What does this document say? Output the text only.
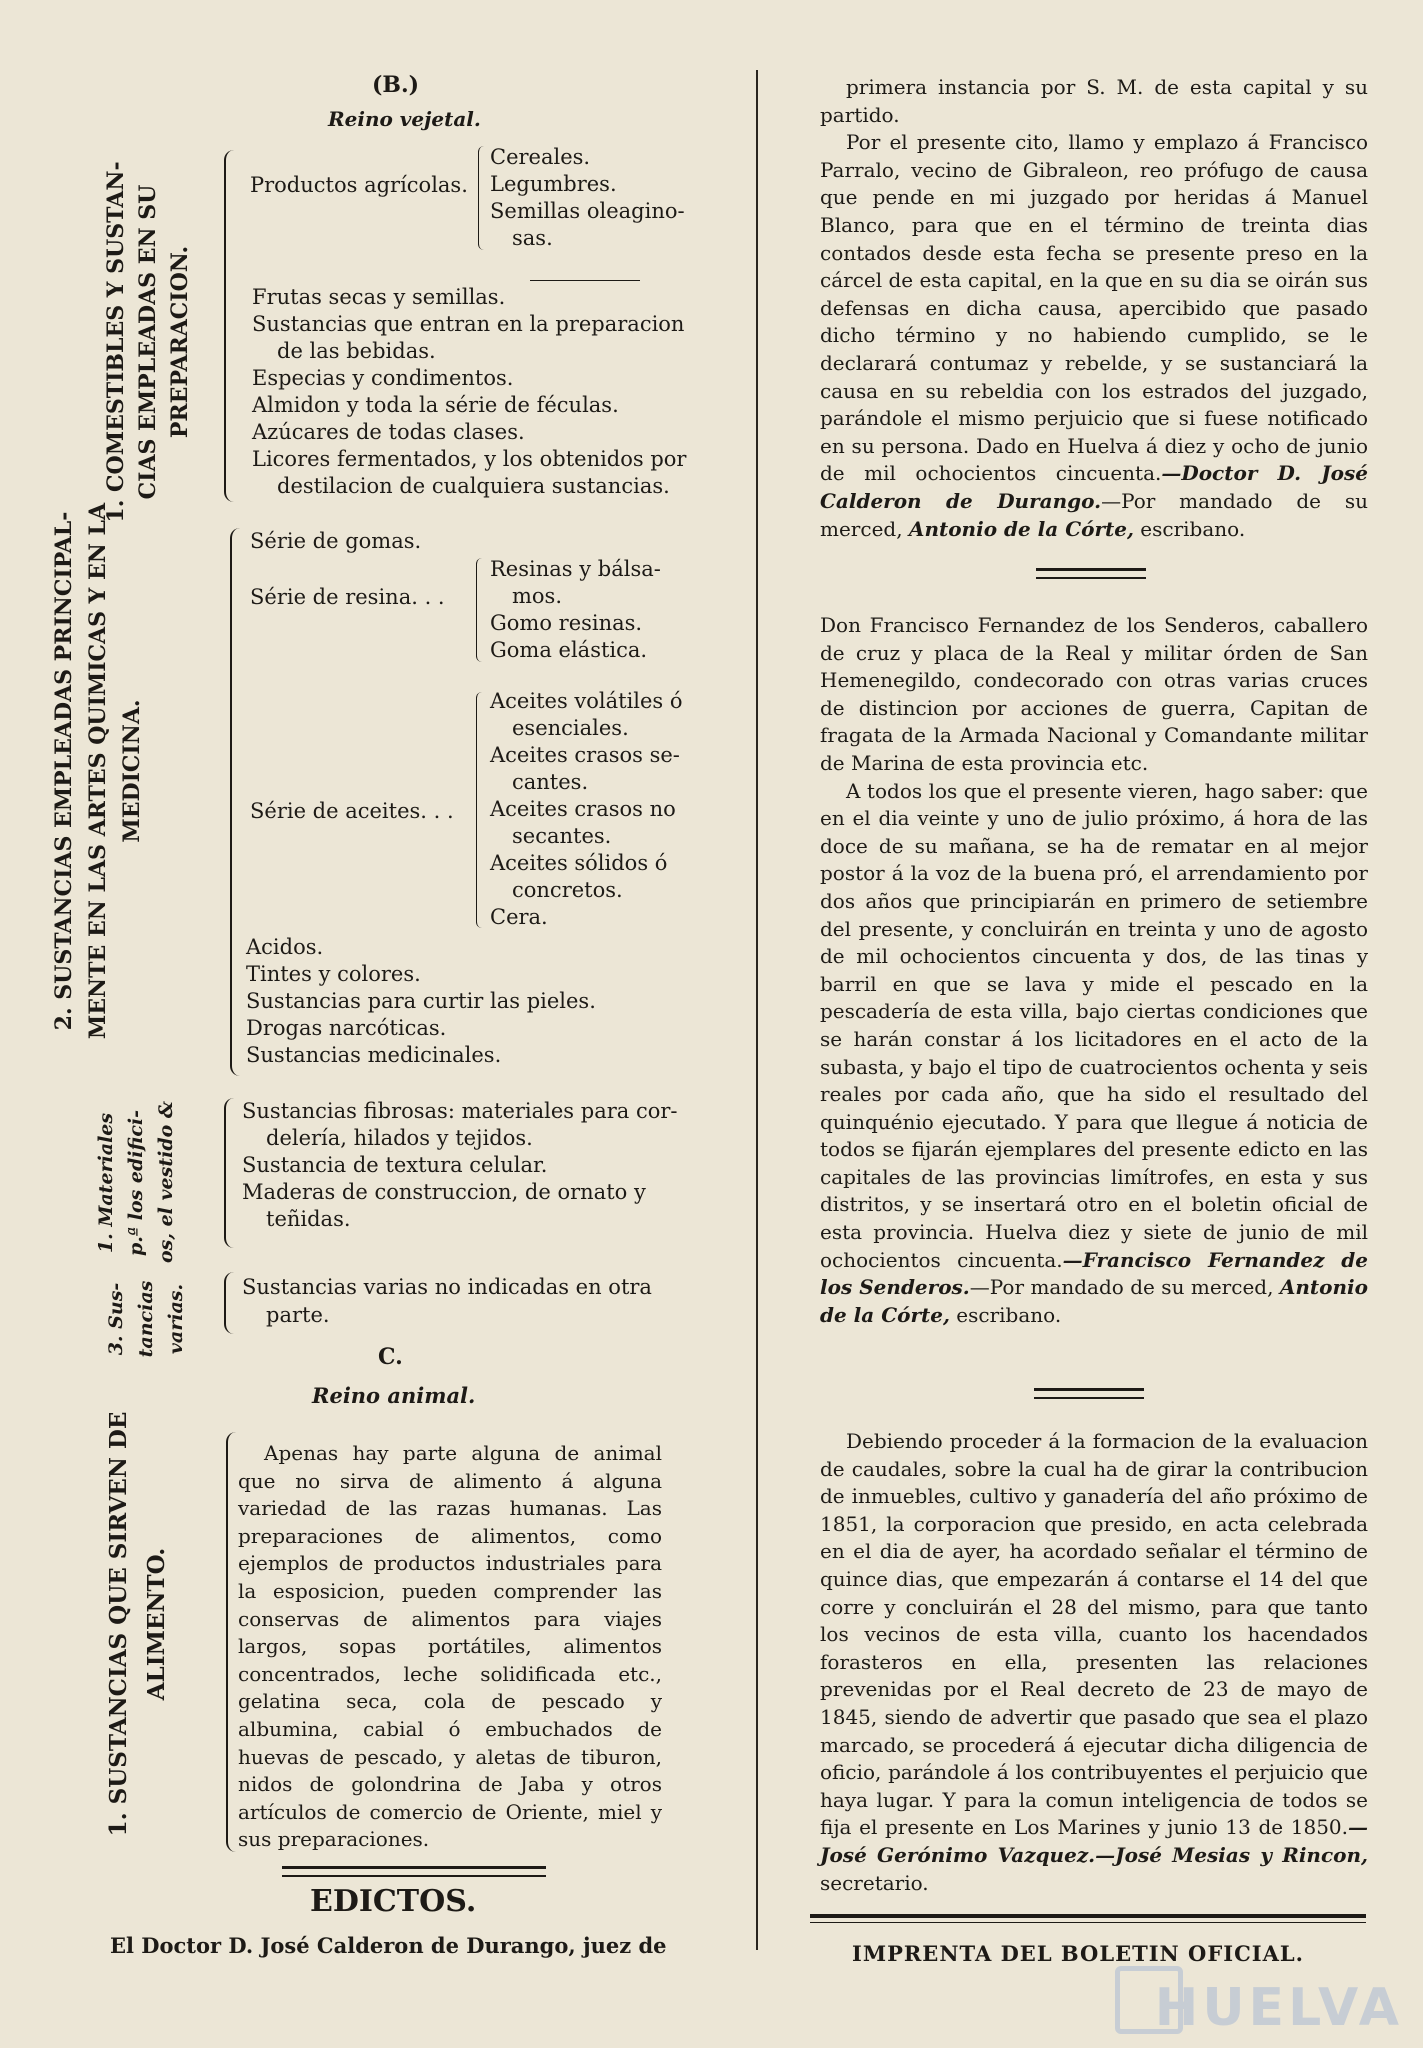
(B.)
Reino vejetal.
1. COMESTIBLES Y SUSTAN- CIAS EMPLEADAS EN SU PREPARACION.
Productos agrícolas.
Cereales.
Legumbres.
Semillas oleagino-
sas.
Frutas secas y semillas.
Sustancias que entran en la preparacion
de las bebidas.
Especias y condimentos.
Almidon y toda la série de féculas.
Azúcares de todas clases.
Licores fermentados, y los obtenidos por
destilacion de cualquiera sustancias.
2. SUSTANCIAS EMPLEADAS PRINCIPAL- MENTE EN LAS ARTES QUIMICAS Y EN LA MEDICINA.
Série de gomas.
Série de resina. . .
Resinas y bálsa-
mos.
Gomo resinas.
Goma elástica.
Série de aceites. . .
Aceites volátiles ó
esenciales.
Aceites crasos se-
cantes.
Aceites crasos no
secantes.
Aceites sólidos ó
concretos.
Cera.
Acidos.
Tintes y colores.
Sustancias para curtir las pieles.
Drogas narcóticas.
Sustancias medicinales.
1. Materiales p.ª los edifici- os, el vestido &	Sustancias fibrosas: materiales para cor-
delería, hilados y tejidos.
Sustancia de textura celular.
Maderas de construccion, de ornato y
teñidas.
3. Sus- tancias varias.	Sustancias varias no indicadas en otra
parte.
C.
Reino animal.
1. SUSTANCIAS QUE SIRVEN DE ALIMENTO.

Apenas hay parte alguna de animal que no sirva de alimento á alguna variedad de las razas humanas. Las preparaciones de alimentos, como ejemplos de productos industriales para la esposicion, pueden comprender las conservas de alimentos para viajes largos, sopas portátiles, alimentos concentrados, leche solidificada etc., gelatina seca, cola de pescado y albumina, cabial ó embuchados de huevas de pescado, y aletas de tiburon, nidos de golondrina de Jaba y otros artículos de comercio de Oriente, miel y sus preparaciones.

EDICTOS.
El Doctor D. José Calderon de Durango, juez de

primera instancia por S. M. de esta capital y su partido.

Por el presente cito, llamo y emplazo á Francisco Parralo, vecino de Gibraleon, reo prófugo de causa que pende en mi juzgado por heridas á Manuel Blanco, para que en el término de treinta dias contados desde esta fecha se presente preso en la cárcel de esta capital, en la que en su dia se oirán sus defensas en dicha causa, apercibido que pasado dicho término y no habiendo cumplido, se le declarará contumaz y rebelde, y se sustanciará la causa en su rebeldia con los estrados del juzgado, parándole el mismo perjuicio que si fuese notificado en su persona. Dado en Huelva á diez y ocho de junio de mil ochocientos cincuenta.—Doctor D. José Calderon de Durango.—Por mandado de su merced, Antonio de la Córte, escribano.

Don Francisco Fernandez de los Senderos, caballero de cruz y placa de la Real y militar órden de San Hemenegildo, condecorado con otras varias cruces de distincion por acciones de guerra, Capitan de fragata de la Armada Nacional y Comandante militar de Marina de esta provincia etc.

A todos los que el presente vieren, hago saber: que en el dia veinte y uno de julio próximo, á hora de las doce de su mañana, se ha de rematar en al mejor postor á la voz de la buena pró, el arrendamiento por dos años que principiarán en primero de setiembre del presente, y concluirán en treinta y uno de agosto de mil ochocientos cincuenta y dos, de las tinas y barril en que se lava y mide el pescado en la pescadería de esta villa, bajo ciertas condiciones que se harán constar á los licitadores en el acto de la subasta, y bajo el tipo de cuatrocientos ochenta y seis reales por cada año, que ha sido el resultado del quinquénio ejecutado. Y para que llegue á noticia de todos se fijarán ejemplares del presente edicto en las capitales de las provincias limítrofes, en esta y sus distritos, y se insertará otro en el boletin oficial de esta provincia. Huelva diez y siete de junio de mil ochocientos cincuenta.—Francisco Fernandez de los Senderos.—Por mandado de su merced, Antonio de la Córte, escribano.

Debiendo proceder á la formacion de la evaluacion de caudales, sobre la cual ha de girar la contribucion de inmuebles, cultivo y ganadería del año próximo de 1851, la corporacion que presido, en acta celebrada en el dia de ayer, ha acordado señalar el término de quince dias, que empezarán á contarse el 14 del que corre y concluirán el 28 del mismo, para que tanto los vecinos de esta villa, cuanto los hacendados forasteros en ella, presenten las relaciones prevenidas por el Real decreto de 23 de mayo de 1845, siendo de advertir que pasado que sea el plazo marcado, se procederá á ejecutar dicha diligencia de oficio, parándole á los contribuyentes el perjuicio que haya lugar. Y para la comun inteligencia de todos se fija el presente en Los Marines y junio 13 de 1850.—José Gerónimo Vazquez.—José Mesias y Rincon, secretario.

IMPRENTA DEL BOLETIN OFICIAL.
HUELVA
